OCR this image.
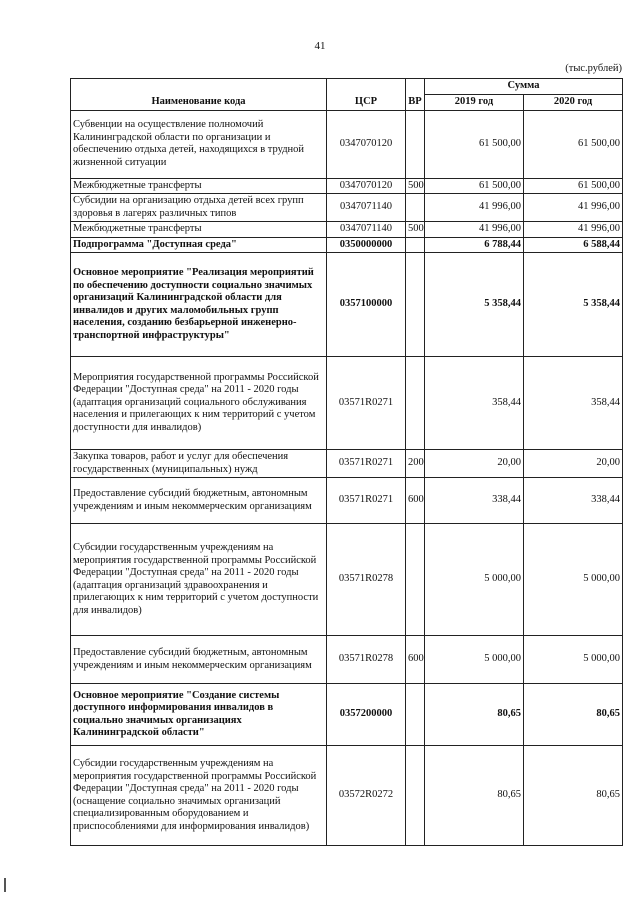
41
(тыс.рублей)
Наименование кода	ЦСР	ВР	Сумма	
			2019 год	2020 год
Субвенции на осуществление полномочий Калининградской области по организации и обеспечению отдыха детей, находящихся в трудной жизненной ситуации	0347070120		61 500,00	61 500,00
Межбюджетные трансферты	0347070120	500	61 500,00	61 500,00
Субсидии на организацию отдыха детей всех групп здоровья в лагерях различных типов	0347071140		41 996,00	41 996,00
Межбюджетные трансферты	0347071140	500	41 996,00	41 996,00
Подпрограмма "Доступная среда"	0350000000		6 788,44	6 588,44
Основное мероприятие "Реализация мероприятий по обеспечению доступности социально значимых организаций Калининградской области для инвалидов и других маломобильных групп населения, созданию безбарьерной инженерно-транспортной инфраструктуры"	0357100000		5 358,44	5 358,44
Мероприятия государственной программы Российской Федерации "Доступная среда" на 2011 - 2020 годы (адаптация организаций социального обслуживания населения и прилегающих к ним территорий с учетом доступности для инвалидов)	03571R0271		358,44	358,44
Закупка товаров, работ и услуг для обеспечения государственных (муниципальных) нужд	03571R0271	200	20,00	20,00
Предоставление субсидий бюджетным, автономным учреждениям и иным некоммерческим организациям	03571R0271	600	338,44	338,44
Субсидии государственным учреждениям на мероприятия государственной программы Российской Федерации "Доступная среда" на 2011 - 2020 годы (адаптация организаций здравоохранения и прилегающих к ним территорий с учетом доступности для инвалидов)	03571R0278		5 000,00	5 000,00
Предоставление субсидий бюджетным, автономным учреждениям и иным некоммерческим организациям	03571R0278	600	5 000,00	5 000,00
Основное мероприятие "Создание системы доступного информирования инвалидов в социально значимых организациях Калининградской области"	0357200000		80,65	80,65
Субсидии государственным учреждениям на мероприятия государственной программы Российской Федерации "Доступная среда" на 2011 - 2020 годы (оснащение социально значимых организаций специализированным оборудованием и приспособлениями для информирования инвалидов)	03572R0272		80,65	80,65
